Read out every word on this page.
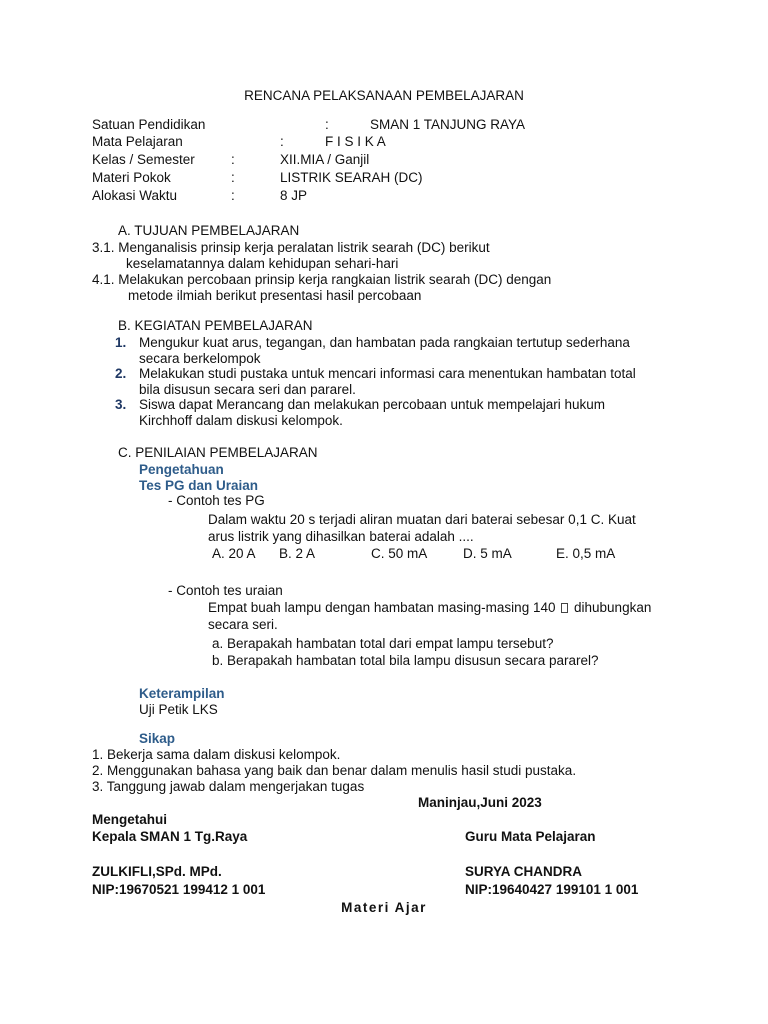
RENCANA PELAKSANAAN PEMBELAJARAN
Satuan Pendidikan	:	SMAN 1 TANJUNG RAYA
Mata Pelajaran	:	F I S I K A
Kelas / Semester	:	XII.MIA / Ganjil
Materi Pokok	:	LISTRIK SEARAH (DC)
Alokasi Waktu	:	8 JP
A. TUJUAN PEMBELAJARAN
3.1. Menganalisis prinsip kerja peralatan listrik searah (DC) berikut
keselamatannya dalam kehidupan sehari-hari
4.1. Melakukan percobaan prinsip kerja rangkaian listrik searah (DC) dengan
metode ilmiah berikut presentasi hasil percobaan
B. KEGIATAN PEMBELAJARAN
1. Mengukur kuat arus, tegangan, dan hambatan pada rangkaian tertutup sederhana
secara berkelompok
2. Melakukan studi pustaka untuk mencari informasi cara menentukan hambatan total
bila disusun secara seri dan pararel.
3. Siswa dapat Merancang dan melakukan percobaan untuk mempelajari hukum
Kirchhoff dalam diskusi kelompok.
C. PENILAIAN PEMBELAJARAN
Pengetahuan
Tes PG dan Uraian
- Contoh tes PG
Dalam waktu 20 s terjadi aliran muatan dari baterai sebesar 0,1 C. Kuat
arus listrik yang dihasilkan baterai adalah ....
A. 20 A B. 2 A	C. 50 mA	D. 5 mA	E. 0,5 mA
- Contoh tes uraian
Empat buah lampu dengan hambatan masing-masing 140 dihubungkan
secara seri.
a. Berapakah hambatan total dari empat lampu tersebut?
b. Berapakah hambatan total bila lampu disusun secara pararel?
Keterampilan
Uji Petik LKS
Sikap
1. Bekerja sama dalam diskusi kelompok.
2. Menggunakan bahasa yang baik dan benar dalam menulis hasil studi pustaka.
3. Tanggung jawab dalam mengerjakan tugas
Maninjau,Juni 2023
Mengetahui
Kepala SMAN 1 Tg.Raya	Guru Mata Pelajaran
ZULKIFLI,SPd. MPd.	SURYA CHANDRA
NIP:19670521 199412 1 001	NIP:19640427 199101 1 001
Materi Ajar
